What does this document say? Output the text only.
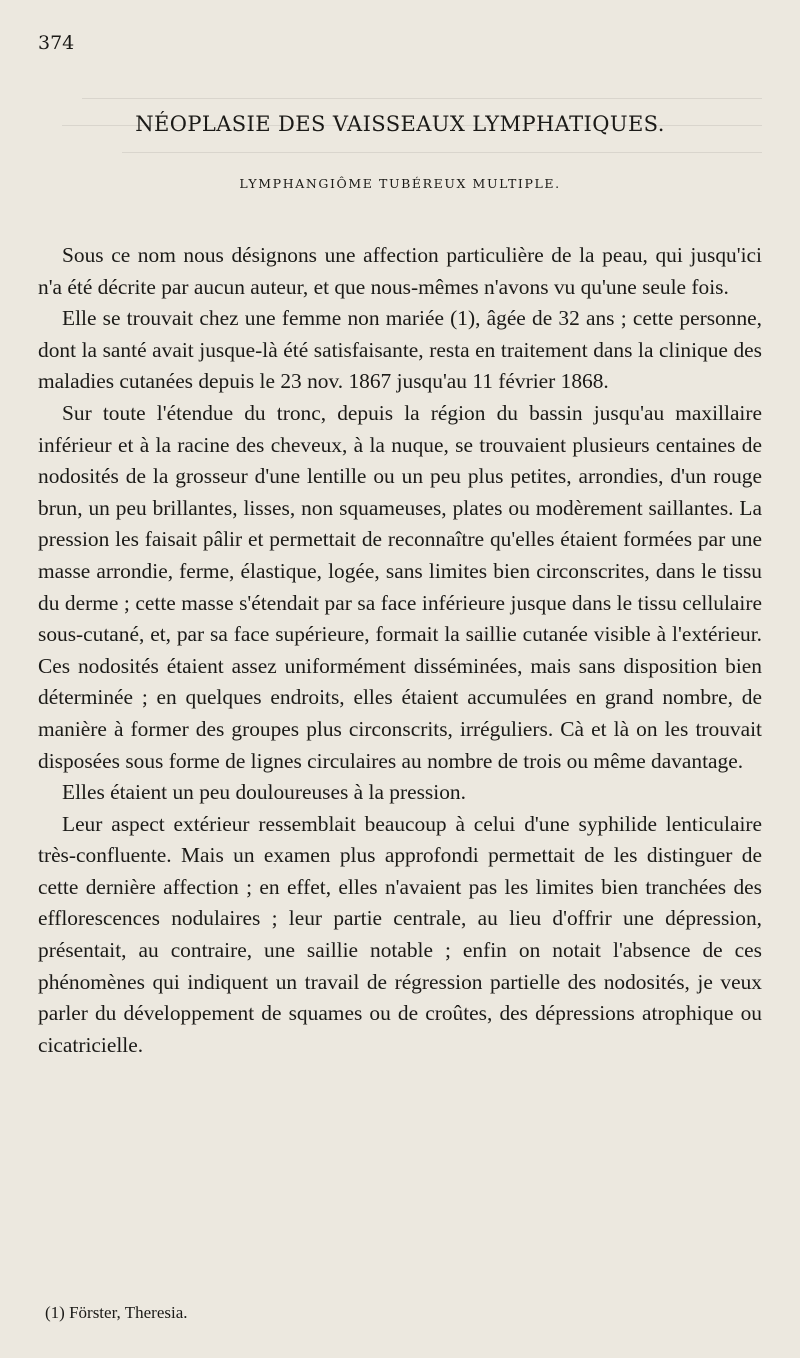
374
NÉOPLASIE DES VAISSEAUX LYMPHATIQUES.
LYMPHANGIÔME TUBÉREUX MULTIPLE.

Sous ce nom nous désignons une affection particulière de la peau, qui jusqu'ici n'a été décrite par aucun auteur, et que nous-mêmes n'avons vu qu'une seule fois.

Elle se trouvait chez une femme non mariée (1), âgée de 32 ans ; cette personne, dont la santé avait jusque-là été satisfaisante, resta en traitement dans la clinique des maladies cutanées depuis le 23 nov. 1867 jusqu'au 11 février 1868.

Sur toute l'étendue du tronc, depuis la région du bassin jusqu'au maxillaire inférieur et à la racine des cheveux, à la nuque, se trouvaient plusieurs centaines de nodosités de la grosseur d'une lentille ou un peu plus petites, arrondies, d'un rouge brun, un peu brillantes, lisses, non squameuses, plates ou modèrement saillantes. La pression les faisait pâlir et permettait de reconnaître qu'elles étaient formées par une masse arrondie, ferme, élastique, logée, sans limites bien circonscrites, dans le tissu du derme ; cette masse s'étendait par sa face inférieure jusque dans le tissu cellulaire sous-cutané, et, par sa face supérieure, formait la saillie cutanée visible à l'extérieur. Ces nodosités étaient assez uniformément disséminées, mais sans disposition bien déterminée ; en quelques endroits, elles étaient accumulées en grand nombre, de manière à former des groupes plus circonscrits, irréguliers. Cà et là on les trouvait disposées sous forme de lignes circulaires au nombre de trois ou même davantage.

Elles étaient un peu douloureuses à la pression.

Leur aspect extérieur ressemblait beaucoup à celui d'une syphilide lenticulaire très-confluente. Mais un examen plus approfondi permettait de les distinguer de cette dernière affection ; en effet, elles n'avaient pas les limites bien tranchées des efflorescences nodulaires ; leur partie centrale, au lieu d'offrir une dépression, présentait, au contraire, une saillie notable ; enfin on notait l'absence de ces phénomènes qui indiquent un travail de régression partielle des nodosités, je veux parler du développement de squames ou de croûtes, des dépressions atrophique ou cicatricielle.

(1) Förster, Theresia.
